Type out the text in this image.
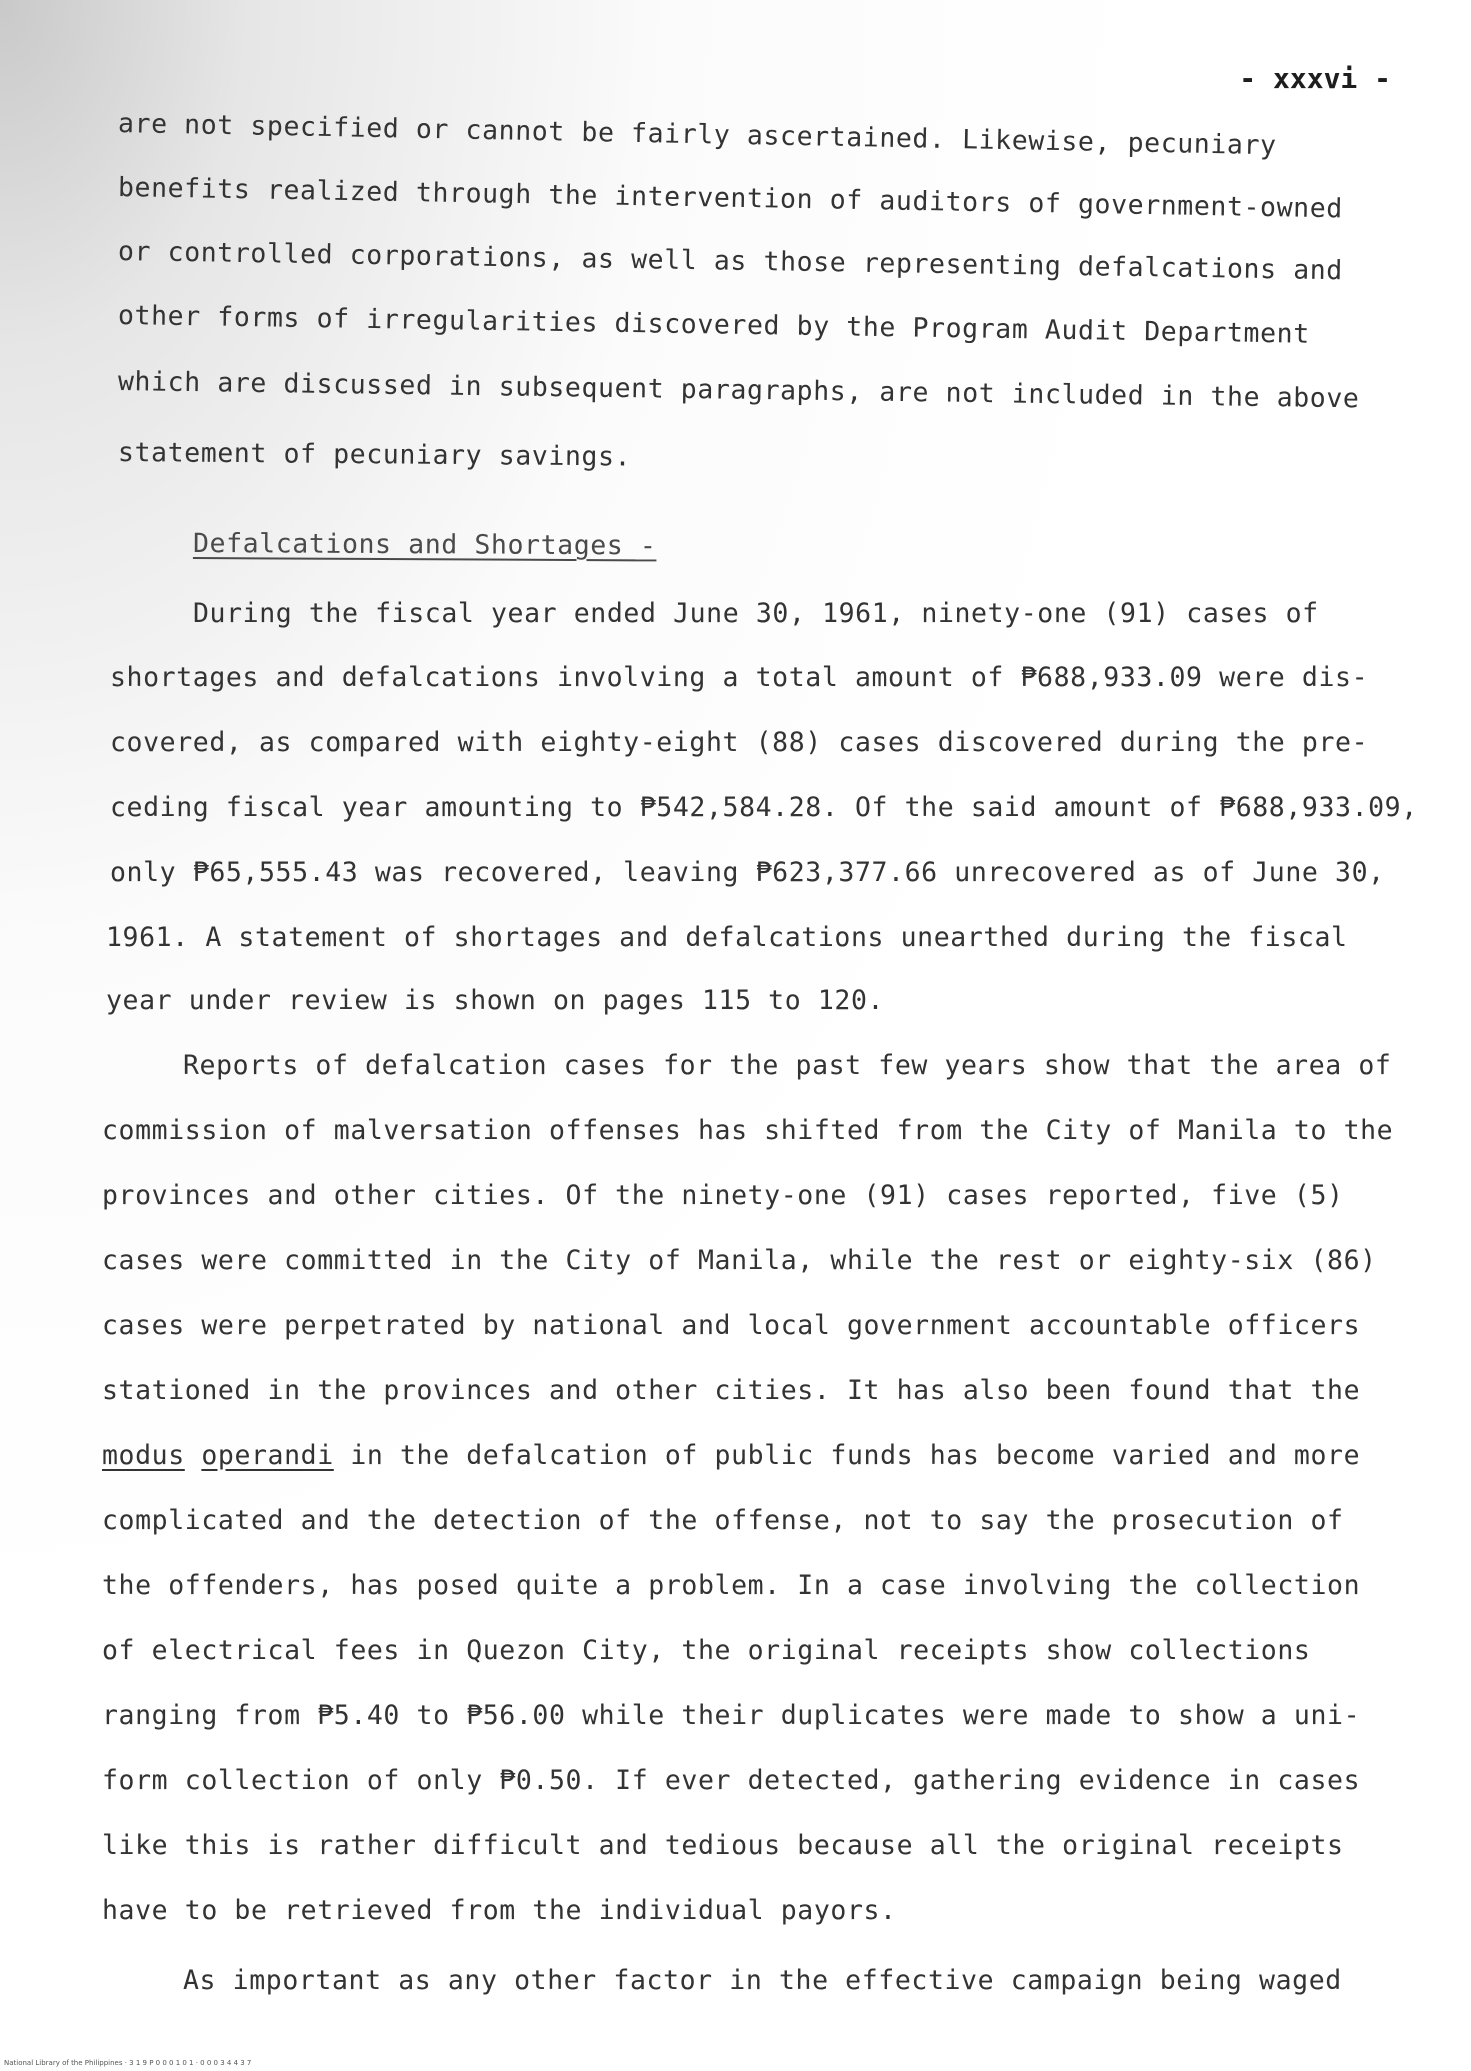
- xxxvi -
are not specified or cannot be fairly ascertained. Likewise, pecuniary
benefits realized through the intervention of auditors of government-owned
or controlled corporations, as well as those representing defalcations and
other forms of irregularities discovered by the Program Audit Department
which are discussed in subsequent paragraphs, are not included in the above
statement of pecuniary savings.
Defalcations and Shortages -
During the fiscal year ended June 30, 1961, ninety-one (91) cases of
shortages and defalcations involving a total amount of ₱688,933.09 were dis-
covered, as compared with eighty-eight (88) cases discovered during the pre-
ceding fiscal year amounting to ₱542,584.28. Of the said amount of ₱688,933.09,
only ₱65,555.43 was recovered, leaving ₱623,377.66 unrecovered as of June 30,
1961. A statement of shortages and defalcations unearthed during the fiscal
year under review is shown on pages 115 to 120.
Reports of defalcation cases for the past few years show that the area of
commission of malversation offenses has shifted from the City of Manila to the
provinces and other cities. Of the ninety-one (91) cases reported, five (5)
cases were committed in the City of Manila, while the rest or eighty-six (86)
cases were perpetrated by national and local government accountable officers
stationed in the provinces and other cities. It has also been found that the
modus operandi in the defalcation of public funds has become varied and more
complicated and the detection of the offense, not to say the prosecution of
the offenders, has posed quite a problem. In a case involving the collection
of electrical fees in Quezon City, the original receipts show collections
ranging from ₱5.40 to ₱56.00 while their duplicates were made to show a uni-
form collection of only ₱0.50. If ever detected, gathering evidence in cases
like this is rather difficult and tedious because all the original receipts
have to be retrieved from the individual payors.
As important as any other factor in the effective campaign being waged
National Library of the Philippines · 3 1 9 P 0 0 0 1 0 1 · 0 0 0 3 4 4 3 7
